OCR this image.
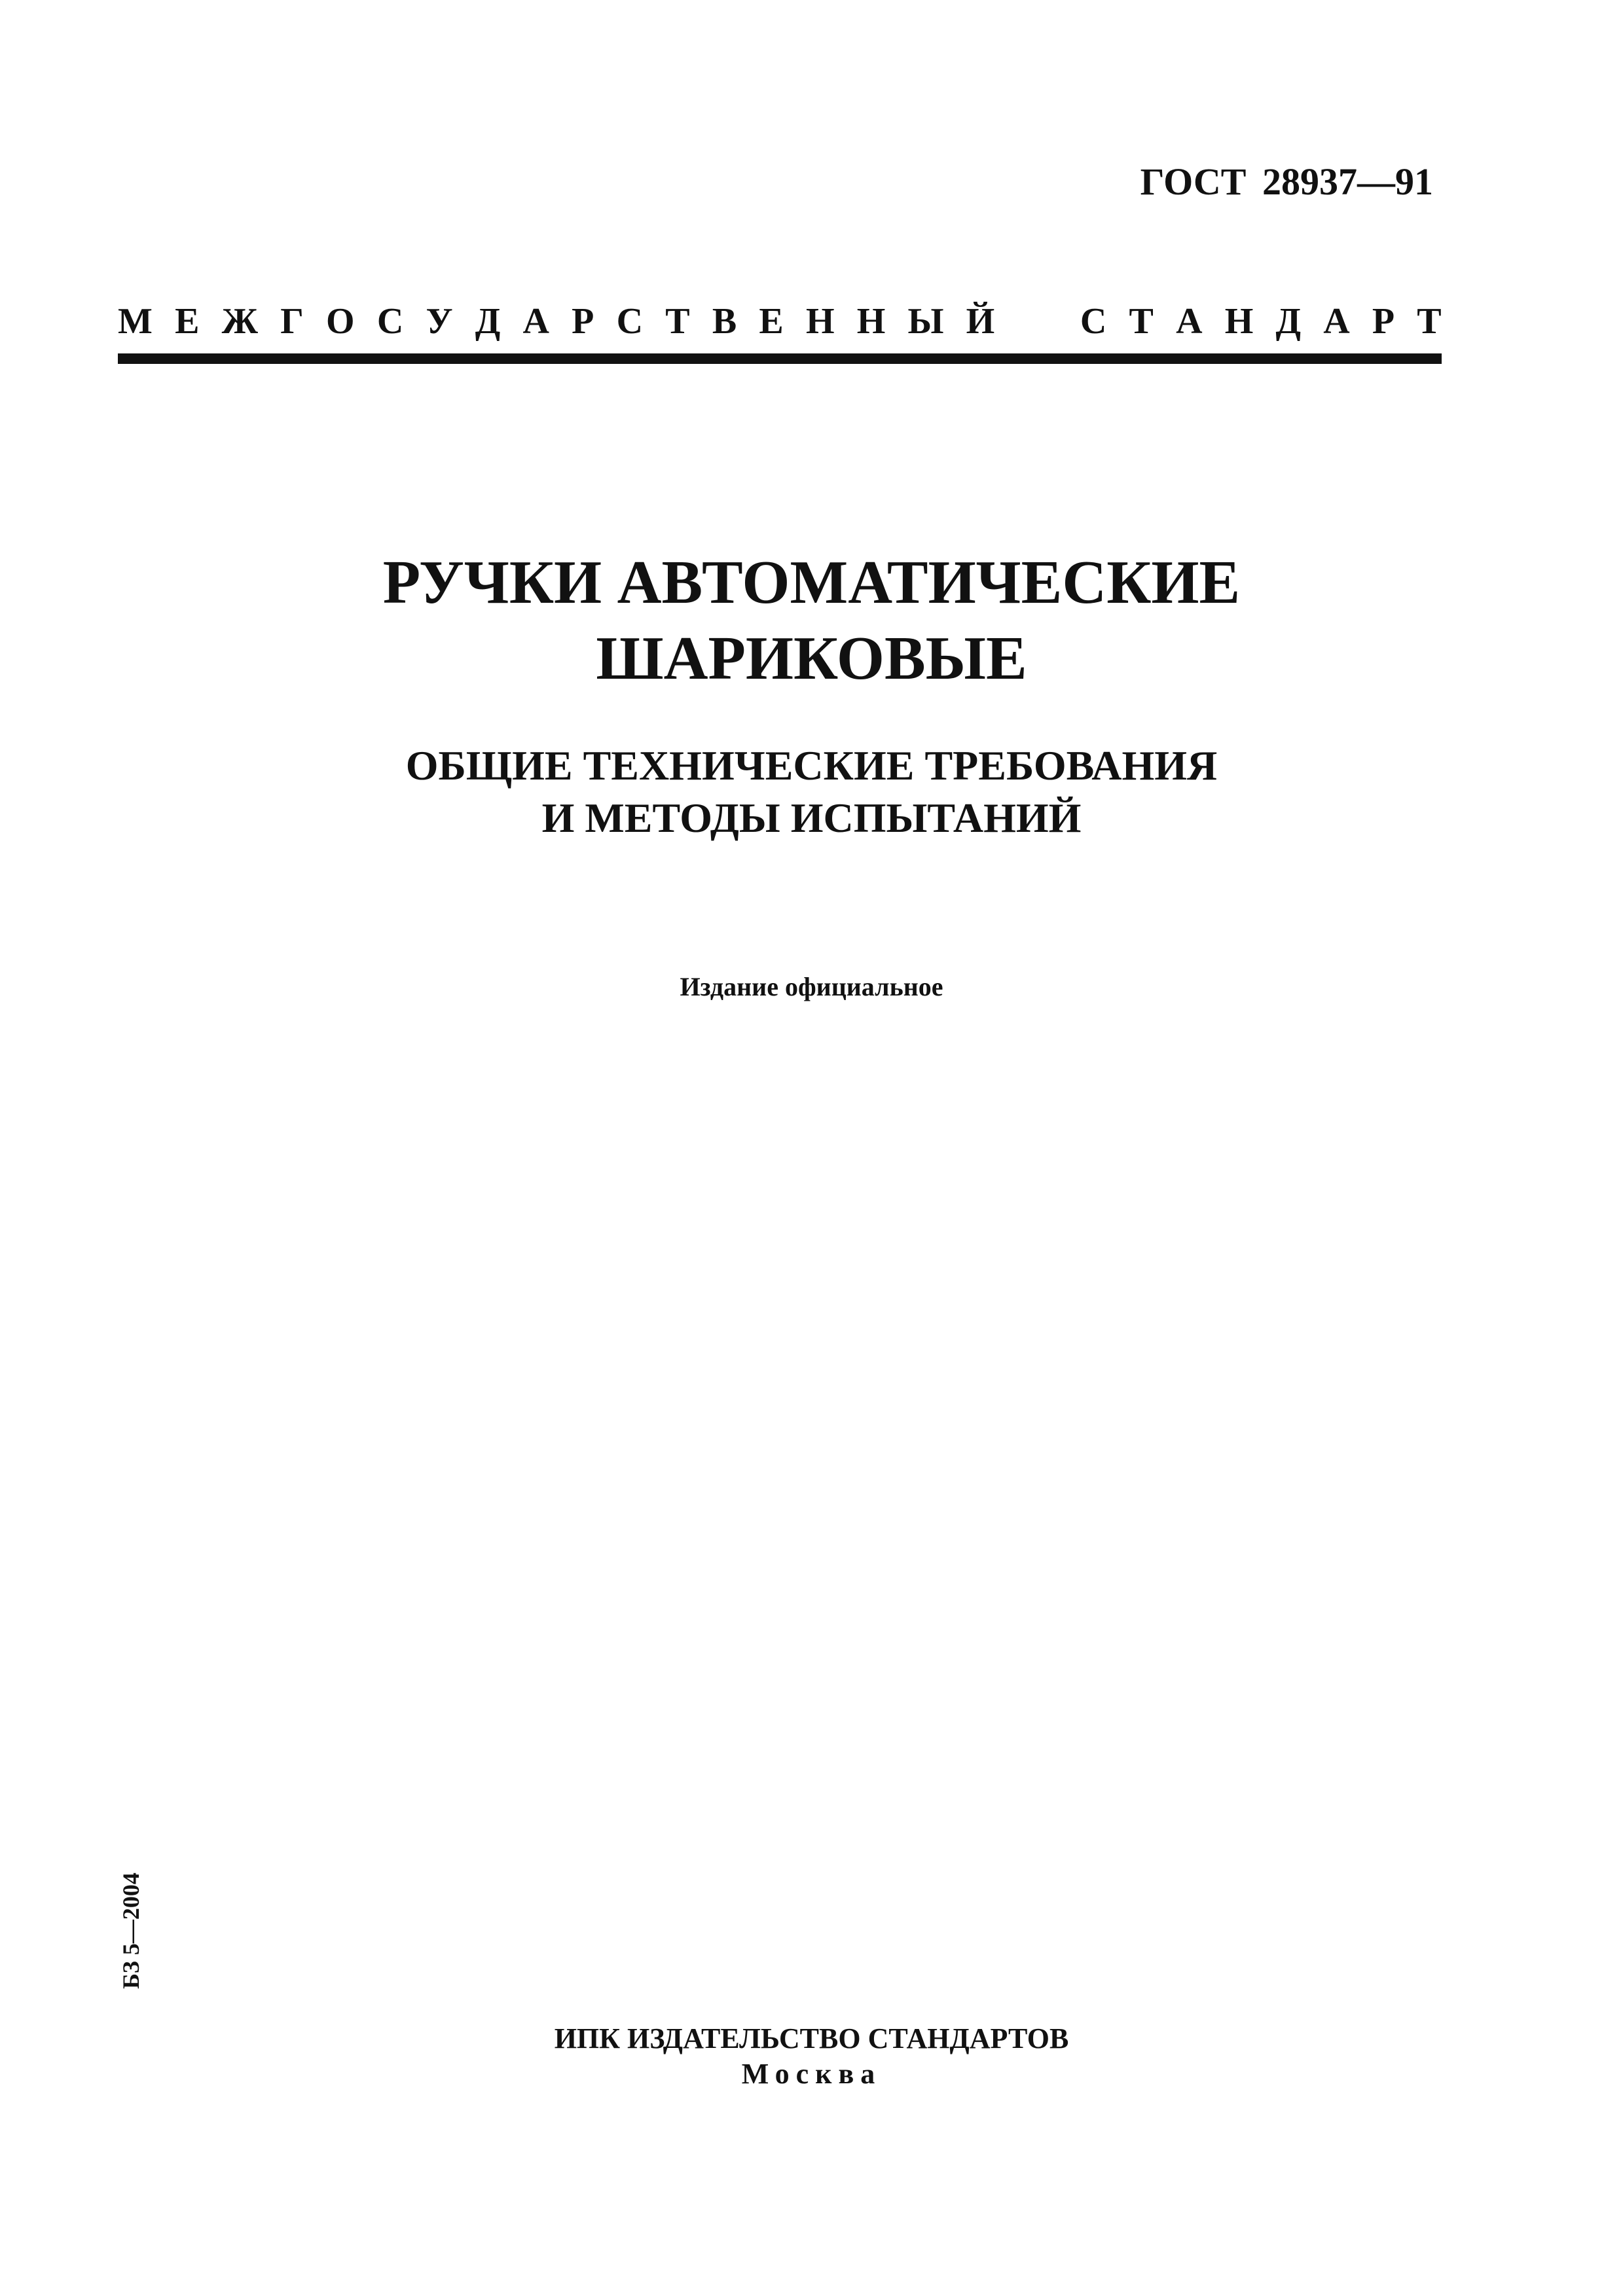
ГОСТ 28937—91
М Е Ж Г О С У Д А Р С Т В Е Н Н Ы Й

С Т А Н Д А Р Т
РУЧКИ АВТОМАТИЧЕСКИЕ
ШАРИКОВЫЕ
ОБЩИЕ ТЕХНИЧЕСКИЕ ТРЕБОВАНИЯ
И МЕТОДЫ ИСПЫТАНИЙ
Издание официальное
БЗ 5—2004
ИПК ИЗДАТЕЛЬСТВО СТАНДАРТОВ
Москва
